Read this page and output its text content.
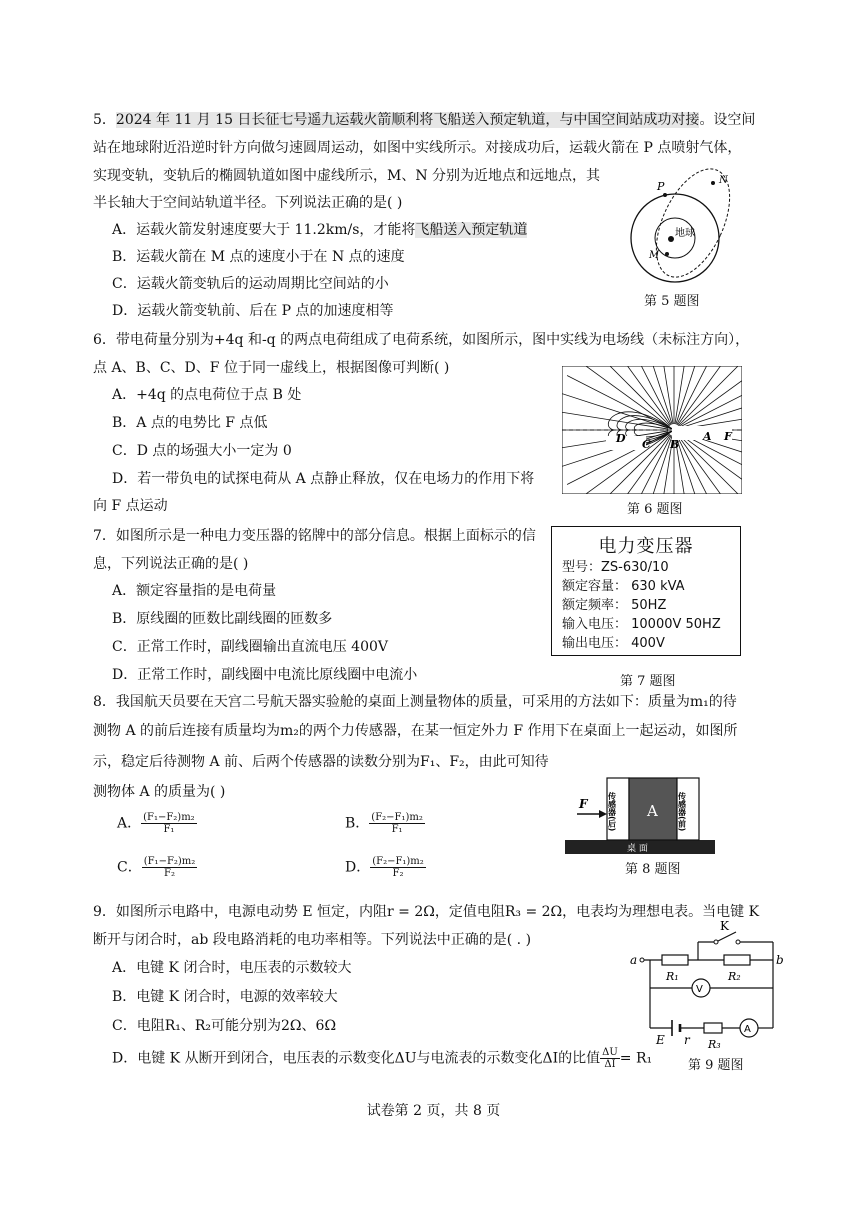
5．2024 年 11 月 15 日长征七号遥九运载火箭顺利将飞船送入预定轨道，与中国空间站成功对接。设空间
站在地球附近沿逆时针方向做匀速圆周运动，如图中实线所示。对接成功后，运载火箭在 P 点喷射气体，
实现变轨，变轨后的椭圆轨道如图中虚线所示，M、N 分别为近地点和远地点，其
半长轴大于空间站轨道半径。下列说法正确的是( )
A．运载火箭发射速度要大于 11.2km/s，才能将飞船送入预定轨道
B．运载火箭在 M 点的速度小于在 N 点的速度
C．运载火箭变轨后的运动周期比空间站的小
D．运载火箭变轨前、后在 P 点的加速度相等
P	N
M
地球
第 5 题图
6．带电荷量分别为+4q 和-q 的两点电荷组成了电荷系统，如图所示，图中实线为电场线（未标注方向），
点 A、B、C、D、F 位于同一虚线上，根据图像可判断( )
A．+4q 的点电荷位于点 B 处
B．A 点的电势比 F 点低
C．D 点的场强大小一定为 0
D．若一带负电的试探电荷从 A 点静止释放，仅在电场力的作用下将
向 F 点运动
D C B
A F
第 6 题图
7．如图所示是一种电力变压器的铭牌中的部分信息。根据上面标示的信
息，下列说法正确的是( )
A．额定容量指的是电荷量
B．原线圈的匝数比副线圈的匝数多
C．正常工作时，副线圈输出直流电压 400V
D．正常工作时，副线圈中电流比原线圈中电流小
电力变压器
型号：ZS-630/10
额定容量： 630 kVA
额定频率： 50HZ
输入电压： 10000V 50HZ
输出电压： 400V
第 7 题图
8．我国航天员要在天宫二号航天器实验舱的桌面上测量物体的质量，可采用的方法如下：质量为m₁的待
测物 A 的前后连接有质量均为m₂的两个力传感器，在某一恒定外力 F 作用下在桌面上一起运动，如图所
示，稳定后待测物 A 前、后两个传感器的读数分别为F₁、F₂，由此可知待
测物体 A 的质量为( )
A． $\frac{\text{(F₁−F₂)m₂}}{\text{F₁}}$	B． $\frac{\text{(F₂−F₁)m₂}}{\text{F₁}}$
C． $\frac{\text{(F₁−F₂)m₂}}{\text{F₂}}$	D． $\frac{\text{(F₂−F₁)m₂}}{\text{F₂}}$
桌 面
A
传感器(后)	传感器(前)
F
第 8 题图
9．如图所示电路中，电源电动势 E 恒定，内阻r = 2Ω，定值电阻R₃ = 2Ω，电表均为理想电表。当电键 K
断开与闭合时，ab 段电路消耗的电功率相等。下列说法中正确的是( . )
A．电键 K 闭合时，电压表的示数较大
B．电键 K 闭合时，电源的效率较大
C．电阻R₁、R₂可能分别为2Ω、6Ω
D．电键 K 从断开到闭合，电压表的示数变化ΔU与电流表的示数变化ΔI的比值 $\frac{\Delta U}{\Delta I} = R_1$
K
a	b
R₁	R₂
V
A
E r R₃
第 9 题图
试卷第 2 页，共 8 页
